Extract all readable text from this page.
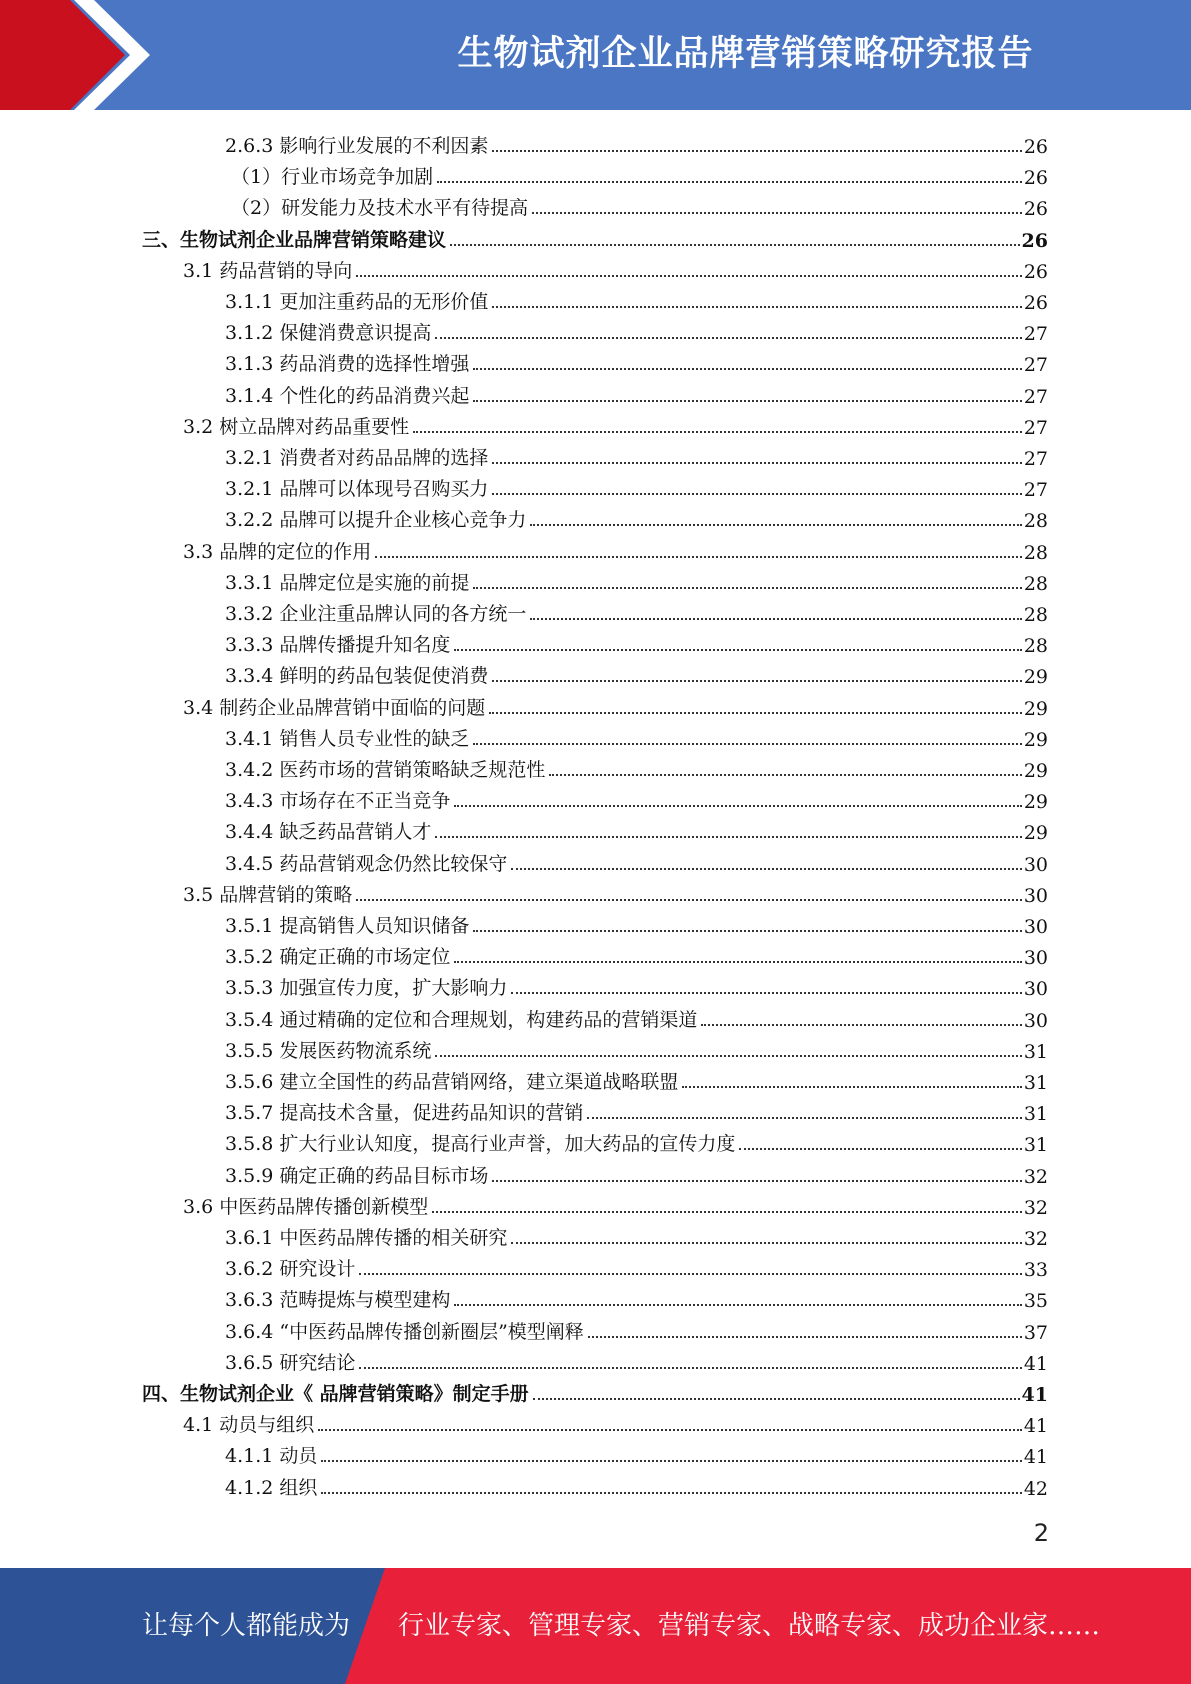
生物试剂企业品牌营销策略研究报告
2.6.3 影响行业发展的不利因素	26
（1）行业市场竞争加剧	26
（2）研发能力及技术水平有待提高	26
三、生物试剂企业品牌营销策略建议	26
3.1 药品营销的导向	26
3.1.1 更加注重药品的无形价值	26
3.1.2 保健消费意识提高	27
3.1.3 药品消费的选择性增强	27
3.1.4 个性化的药品消费兴起	27
3.2 树立品牌对药品重要性	27
3.2.1 消费者对药品品牌的选择	27
3.2.1 品牌可以体现号召购买力	27
3.2.2 品牌可以提升企业核心竞争力	28
3.3 品牌的定位的作用	28
3.3.1 品牌定位是实施的前提	28
3.3.2 企业注重品牌认同的各方统一	28
3.3.3 品牌传播提升知名度	28
3.3.4 鲜明的药品包装促使消费	29
3.4 制药企业品牌营销中面临的问题	29
3.4.1 销售人员专业性的缺乏	29
3.4.2 医药市场的营销策略缺乏规范性	29
3.4.3 市场存在不正当竞争	29
3.4.4 缺乏药品营销人才	29
3.4.5 药品营销观念仍然比较保守	30
3.5 品牌营销的策略	30
3.5.1 提高销售人员知识储备	30
3.5.2 确定正确的市场定位	30
3.5.3 加强宣传力度，扩大影响力	30
3.5.4 通过精确的定位和合理规划，构建药品的营销渠道	30
3.5.5 发展医药物流系统	31
3.5.6 建立全国性的药品营销网络，建立渠道战略联盟	31
3.5.7 提高技术含量，促进药品知识的营销	31
3.5.8 扩大行业认知度，提高行业声誉，加大药品的宣传力度	31
3.5.9 确定正确的药品目标市场	32
3.6 中医药品牌传播创新模型	32
3.6.1 中医药品牌传播的相关研究	32
3.6.2 研究设计	33
3.6.3 范畴提炼与模型建构	35
3.6.4 “中医药品牌传播创新圈层”模型阐释	37
3.6.5 研究结论	41
四、生物试剂企业《 品牌营销策略》制定手册	41
4.1 动员与组织	41
4.1.1 动员	41
4.1.2 组织	42
2
让每个人都能成为 行业专家、管理专家、营销专家、战略专家、成功企业家……
